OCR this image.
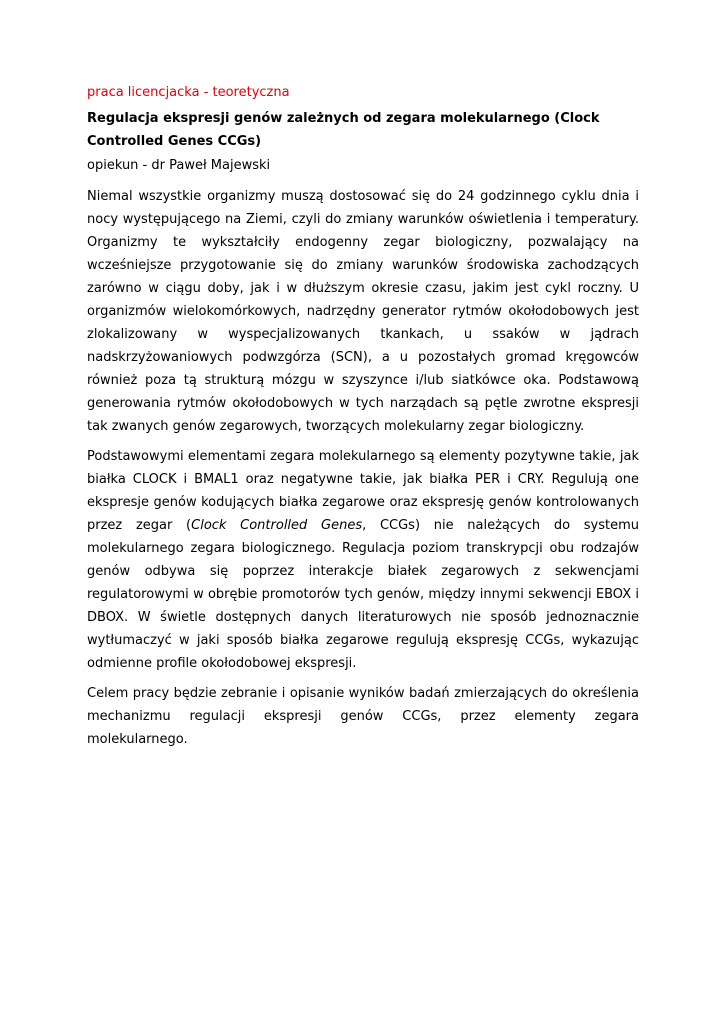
praca licencjacka - teoretyczna

Regulacja ekspresji genów zależnych od zegara molekularnego (Clock Controlled Genes CCGs)

opiekun - dr Paweł Majewski

Niemal wszystkie organizmy muszą dostosować się do 24 godzinnego cyklu dnia i nocy występującego na Ziemi, czyli do zmiany warunków oświetlenia i temperatury. Organizmy te wykształciły endogenny zegar biologiczny, pozwalający na wcześniejsze przygotowanie się do zmiany warunków środowiska zachodzących zarówno w ciągu doby, jak i w dłuższym okresie czasu, jakim jest cykl roczny. U organizmów wielokomórkowych, nadrzędny generator rytmów okołodobowych jest zlokalizowany w wyspecjalizowanych tkankach, u ssaków w jądrach nadskrzyżowaniowych podwzgórza (SCN), a u pozostałych gromad kręgowców również poza tą strukturą mózgu w szyszynce i/lub siatkówce oka. Podstawową generowania rytmów okołodobowych w tych narządach są pętle zwrotne ekspresji tak zwanych genów zegarowych, tworzących molekularny zegar biologiczny.

Podstawowymi elementami zegara molekularnego są elementy pozytywne takie, jak białka CLOCK i BMAL1 oraz negatywne takie, jak białka PER i CRY. Regulują one ekspresje genów kodujących białka zegarowe oraz ekspresję genów kontrolowanych przez zegar (Clock Controlled Genes, CCGs) nie należących do systemu molekularnego zegara biologicznego. Regulacja poziom transkrypcji obu rodzajów genów odbywa się poprzez interakcje białek zegarowych z sekwencjami regulatorowymi w obrębie promotorów tych genów, między innymi sekwencji EBOX i DBOX. W świetle dostępnych danych literaturowych nie sposób jednoznacznie wytłumaczyć w jaki sposób białka zegarowe regulują ekspresję CCGs, wykazując odmienne profile okołodobowej ekspresji.

Celem pracy będzie zebranie i opisanie wyników badań zmierzających do określenia mechanizmu regulacji ekspresji genów CCGs, przez elementy zegara molekularnego.
